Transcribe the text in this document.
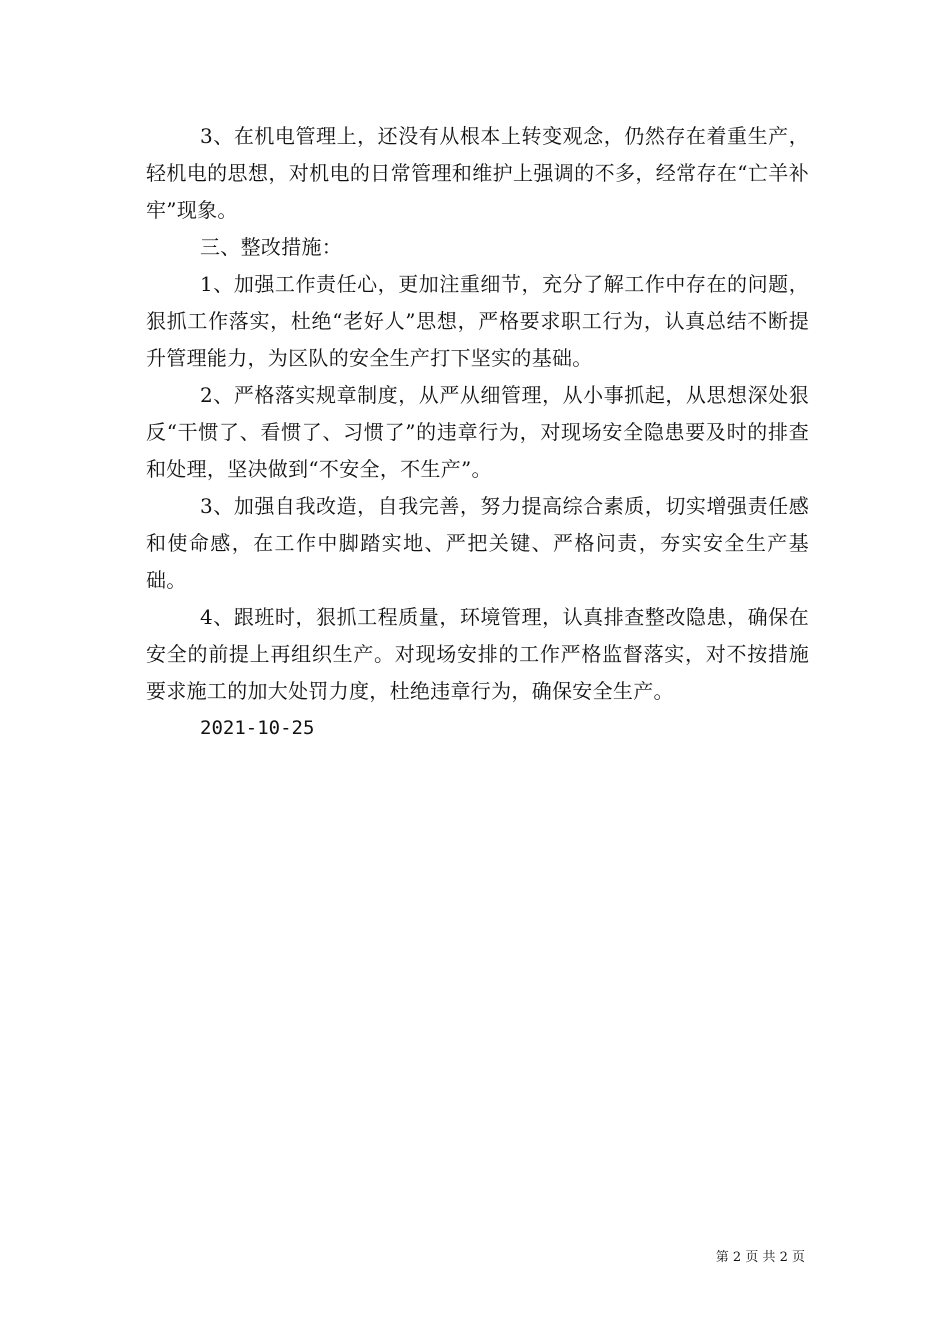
3、在机电管理上，还没有从根本上转变观念，仍然存在着重生产，轻机电的思想，对机电的日常管理和维护上强调的不多，经常存在“亡羊补牢”现象。

三、整改措施：

1、加强工作责任心，更加注重细节，充分了解工作中存在的问题，狠抓工作落实，杜绝“老好人”思想，严格要求职工行为，认真总结不断提升管理能力，为区队的安全生产打下坚实的基础。

2、严格落实规章制度，从严从细管理，从小事抓起，从思想深处狠反“干惯了、看惯了、习惯了”的违章行为，对现场安全隐患要及时的排查和处理，坚决做到“不安全，不生产”。

3、加强自我改造，自我完善，努力提高综合素质，切实增强责任感和使命感，在工作中脚踏实地、严把关键、严格问责，夯实安全生产基础。

4、跟班时，狠抓工程质量，环境管理，认真排查整改隐患，确保在安全的前提上再组织生产。对现场安排的工作严格监督落实，对不按措施要求施工的加大处罚力度，杜绝违章行为，确保安全生产。

2021-10-25

第 2 页 共 2 页
